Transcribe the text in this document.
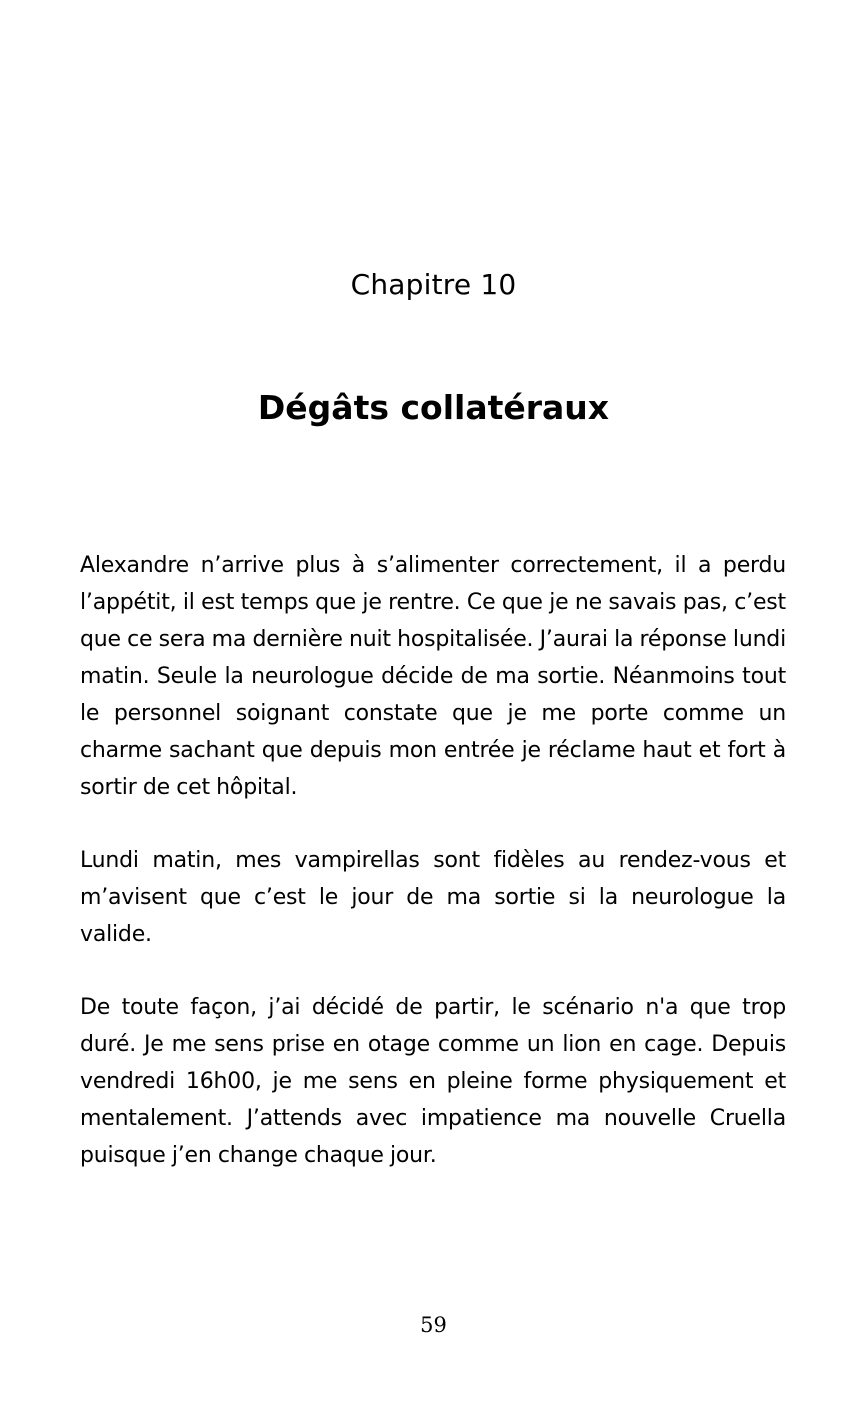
Chapitre 10
Dégâts collatéraux

Alexandre n’arrive plus à s’alimenter correctement, il a perdu l’appétit, il est temps que je rentre. Ce que je ne savais pas, c’est que ce sera ma dernière nuit hospitalisée. J’aurai la réponse lundi matin. Seule la neurologue décide de ma sortie. Néanmoins tout le personnel soignant constate que je me porte comme un charme sachant que depuis mon entrée je réclame haut et fort à sortir de cet hôpital.

Lundi matin, mes vampirellas sont fidèles au rendez-vous et m’avisent que c’est le jour de ma sortie si la neurologue la valide.

De toute façon, j’ai décidé de partir, le scénario n'a que trop duré. Je me sens prise en otage comme un lion en cage. Depuis vendredi 16h00, je me sens en pleine forme physiquement et mentalement. J’attends avec impatience ma nouvelle Cruella puisque j’en change chaque jour.

59
